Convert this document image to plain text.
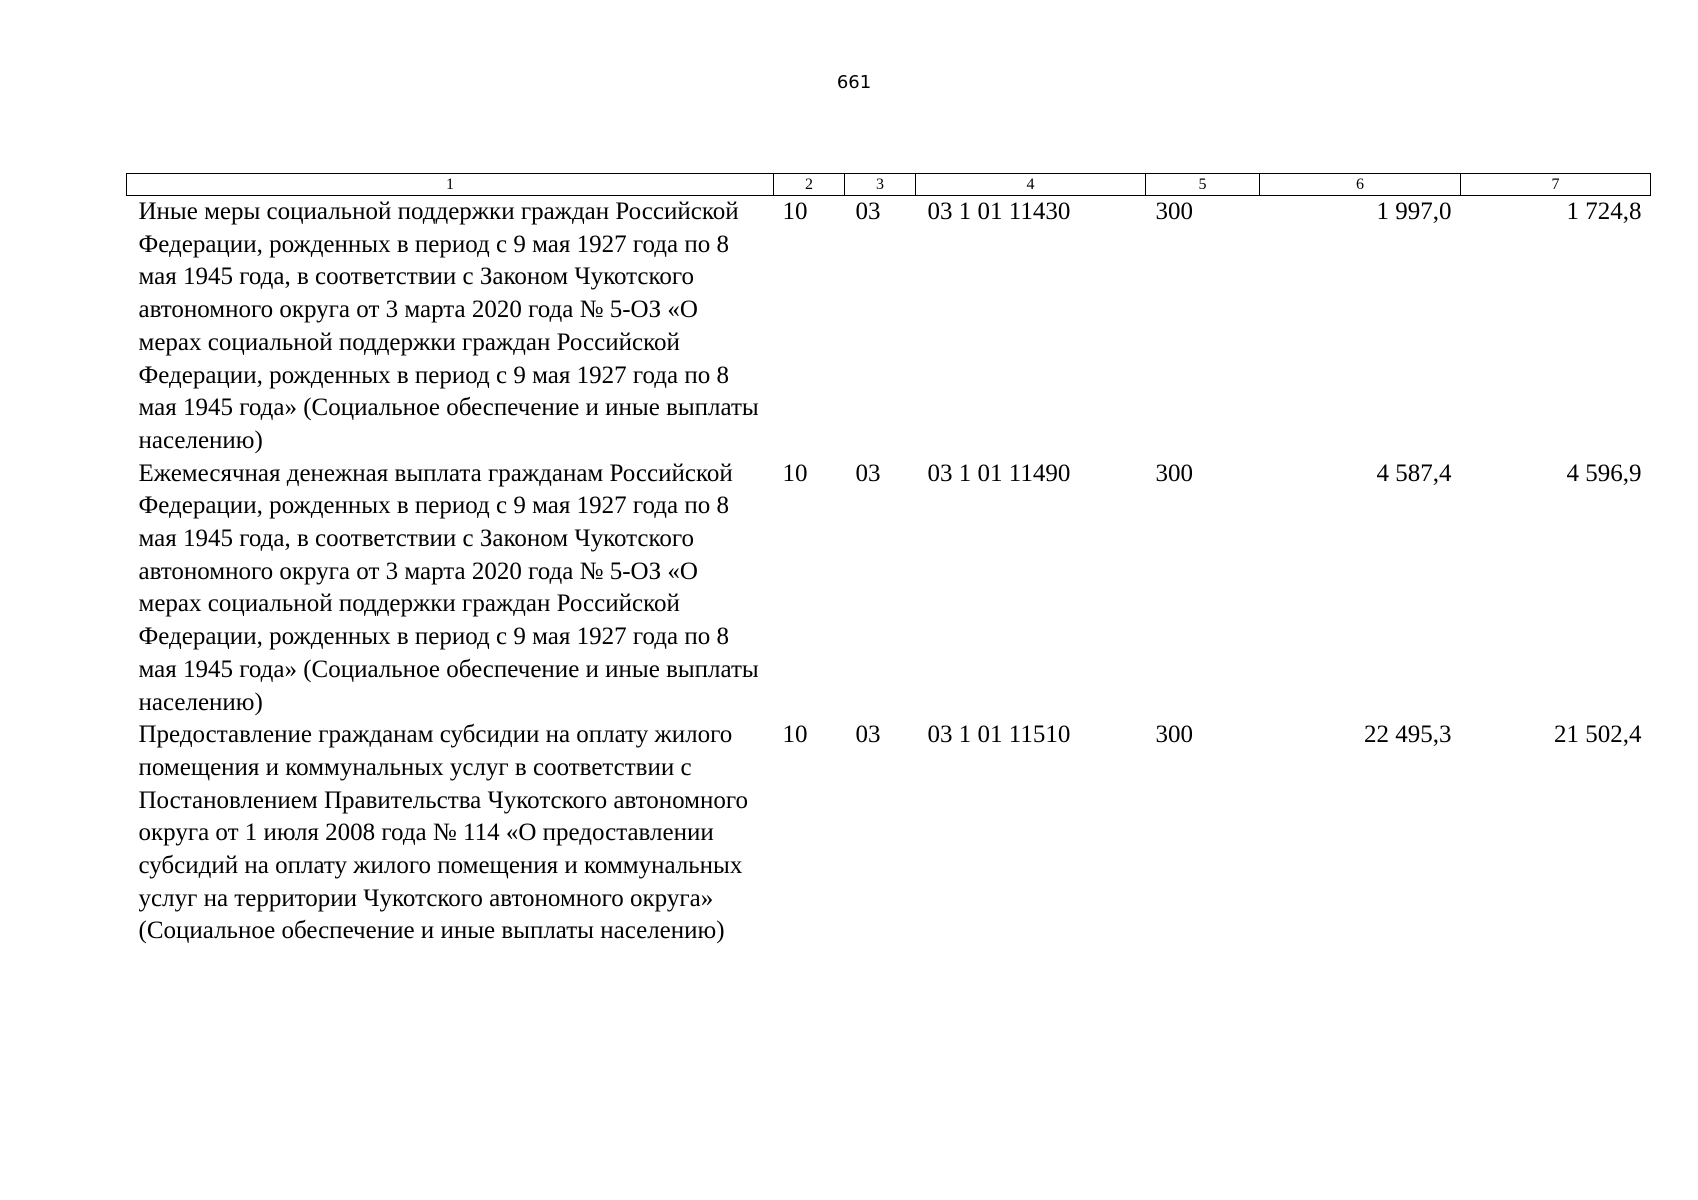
661
1	2	3	4	5	6	7
Иные меры социальной поддержки граждан Российской Федерации, рожденных в период с 9 мая 1927 года по 8 мая 1945 года, в соответствии с Законом Чукотского автономного округа от 3 марта 2020 года № 5-ОЗ «О мерах социальной поддержки граждан Российской Федерации, рожденных в период с 9 мая 1927 года по 8 мая 1945 года» (Социальное обеспечение и иные выплаты населению)	10	03	03 1 01 11430	300	1 997,0	1 724,8
Ежемесячная денежная выплата гражданам Российской Федерации, рожденных в период с 9 мая 1927 года по 8 мая 1945 года, в соответствии с Законом Чукотского автономного округа от 3 марта 2020 года № 5-ОЗ «О мерах социальной поддержки граждан Российской Федерации, рожденных в период с 9 мая 1927 года по 8 мая 1945 года» (Социальное обеспечение и иные выплаты населению)	10	03	03 1 01 11490	300	4 587,4	4 596,9
Предоставление гражданам субсидии на оплату жилого помещения и коммунальных услуг в соответствии с Постановлением Правительства Чукотского автономного округа от 1 июля 2008 года № 114 «О предоставлении субсидий на оплату жилого помещения и коммунальных услуг на территории Чукотского автономного округа» (Социальное обеспечение и иные выплаты населению)	10	03	03 1 01 11510	300	22 495,3	21 502,4
